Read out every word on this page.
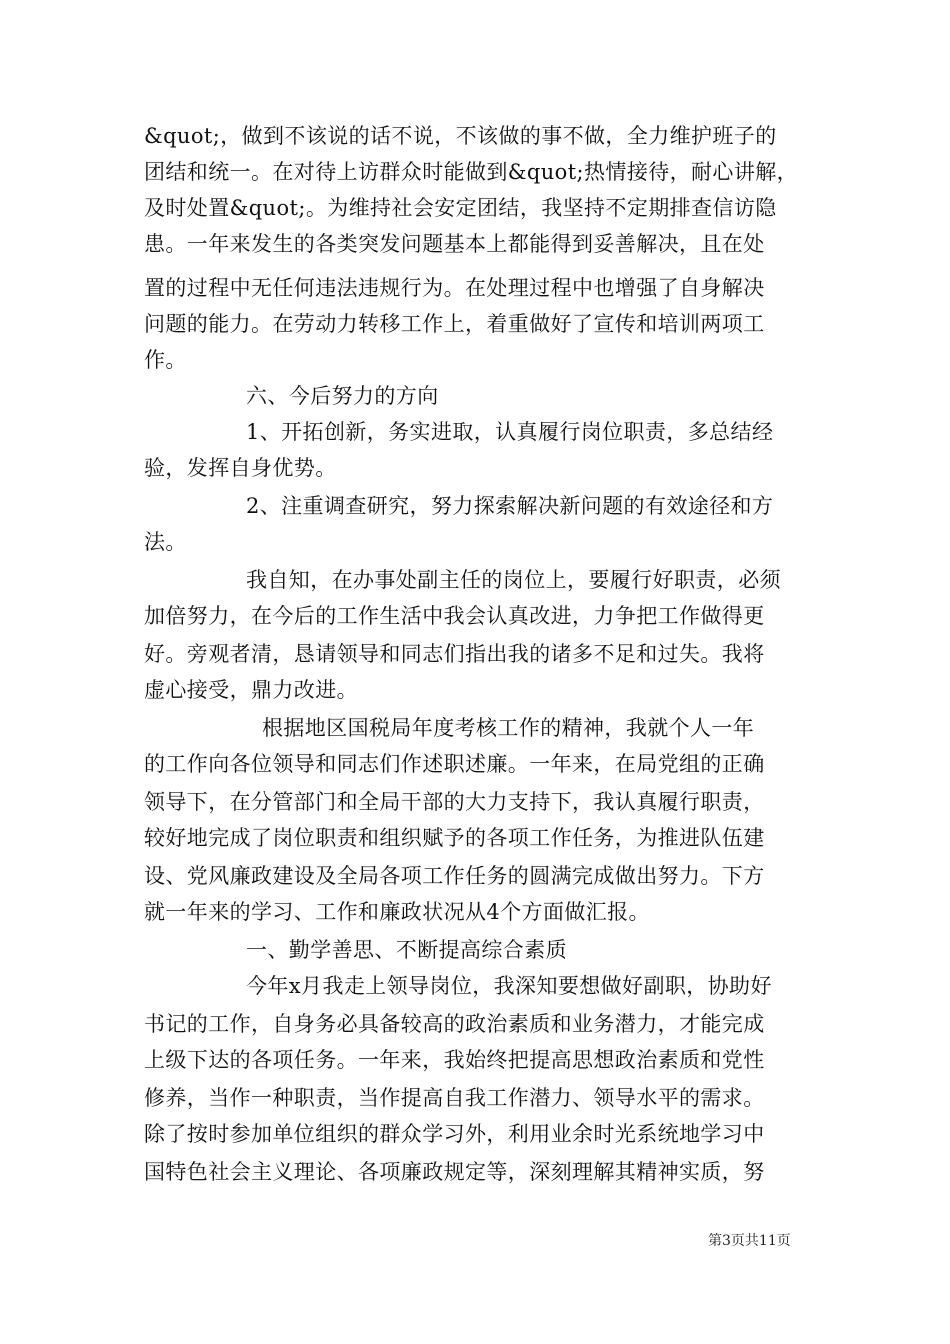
&quot;，做到不该说的话不说，不该做的事不做，全力维护班子的
团结和统一。在对待上访群众时能做到&quot;热情接待，耐心讲解，
及时处置&quot;。为维持社会安定团结，我坚持不定期排查信访隐
患。一年来发生的各类突发问题基本上都能得到妥善解决，且在处
置的过程中无任何违法违规行为。在处理过程中也增强了自身解决
问题的能力。在劳动力转移工作上，着重做好了宣传和培训两项工
作。
六、今后努力的方向
1、开拓创新，务实进取，认真履行岗位职责，多总结经
验，发挥自身优势。
2、注重调查研究，努力探索解决新问题的有效途径和方
法。
我自知，在办事处副主任的岗位上，要履行好职责，必须
加倍努力，在今后的工作生活中我会认真改进，力争把工作做得更
好。旁观者清，恳请领导和同志们指出我的诸多不足和过失。我将
虚心接受，鼎力改进。
根据地区国税局年度考核工作的精神，我就个人一年
的工作向各位领导和同志们作述职述廉。一年来，在局党组的正确
领导下，在分管部门和全局干部的大力支持下，我认真履行职责，
较好地完成了岗位职责和组织赋予的各项工作任务，为推进队伍建
设、党风廉政建设及全局各项工作任务的圆满完成做出努力。下方
就一年来的学习、工作和廉政状况从4个方面做汇报。
一、勤学善思、不断提高综合素质
今年x月我走上领导岗位，我深知要想做好副职，协助好
书记的工作，自身务必具备较高的政治素质和业务潜力，才能完成
上级下达的各项任务。一年来，我始终把提高思想政治素质和党性
修养，当作一种职责，当作提高自我工作潜力、领导水平的需求。
除了按时参加单位组织的群众学习外，利用业余时光系统地学习中
国特色社会主义理论、各项廉政规定等，深刻理解其精神实质，努
第3页共11页
